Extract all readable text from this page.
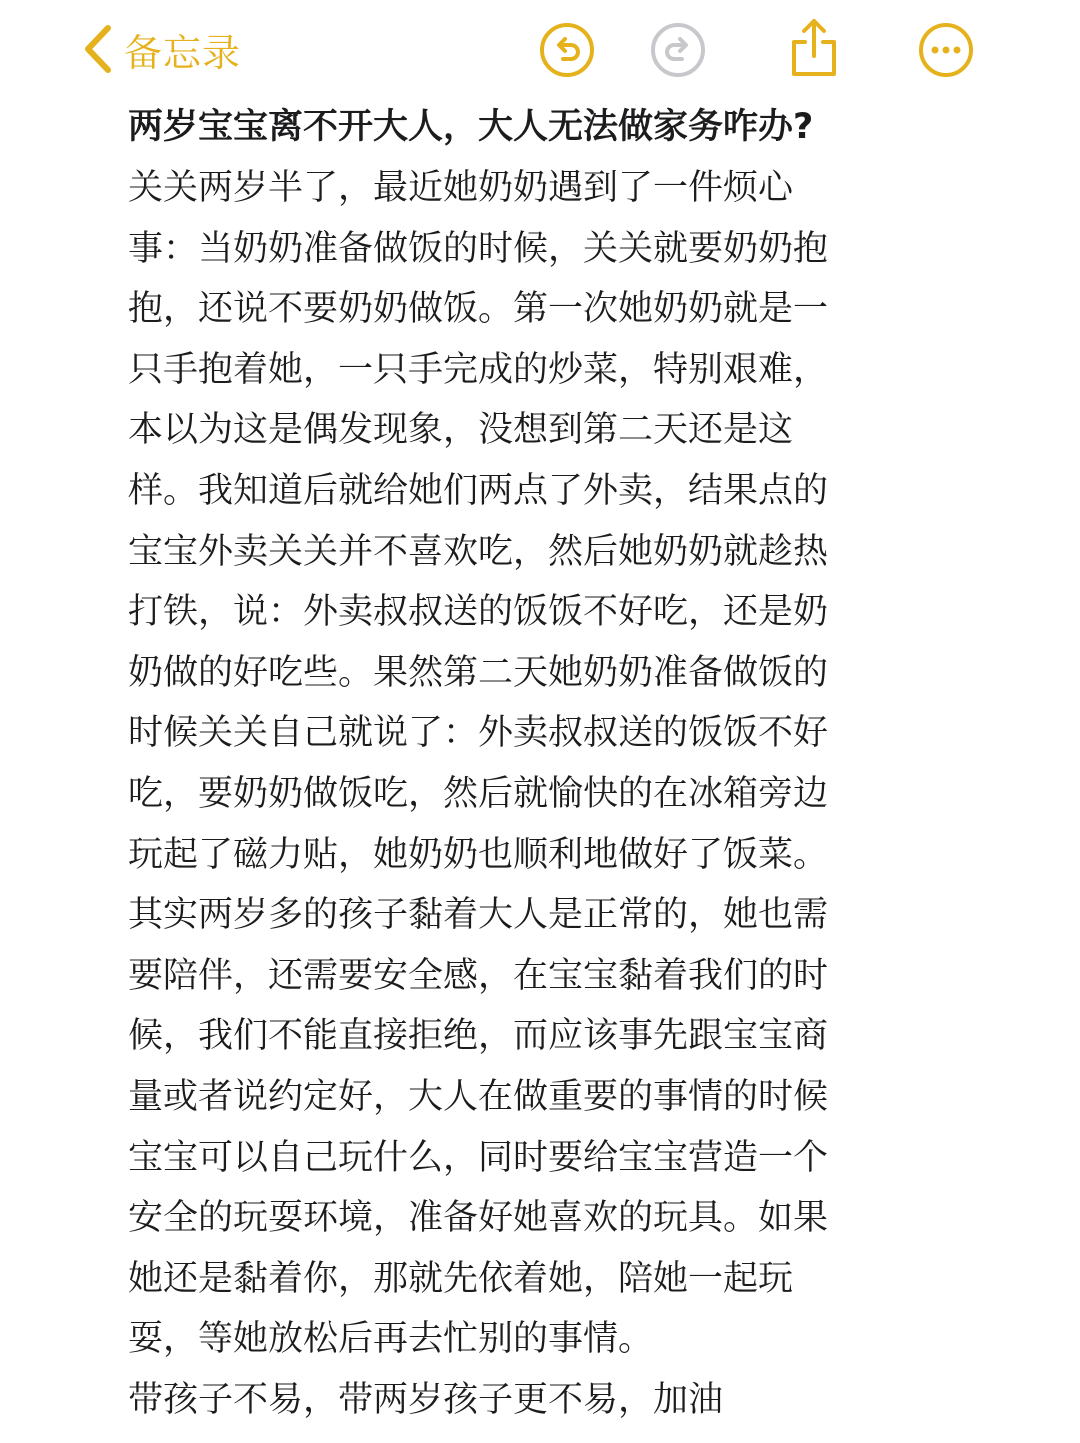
备忘录

两岁宝宝离不开大人，大人无法做家务咋办?

关关两岁半了，最近她奶奶遇到了一件烦心

事：当奶奶准备做饭的时候，关关就要奶奶抱

抱，还说不要奶奶做饭。第一次她奶奶就是一

只手抱着她，一只手完成的炒菜，特别艰难，

本以为这是偶发现象，没想到第二天还是这

样。我知道后就给她们两点了外卖，结果点的

宝宝外卖关关并不喜欢吃，然后她奶奶就趁热

打铁，说：外卖叔叔送的饭饭不好吃，还是奶

奶做的好吃些。果然第二天她奶奶准备做饭的

时候关关自己就说了：外卖叔叔送的饭饭不好

吃，要奶奶做饭吃，然后就愉快的在冰箱旁边

玩起了磁力贴，她奶奶也顺利地做好了饭菜。

其实两岁多的孩子黏着大人是正常的，她也需

要陪伴，还需要安全感，在宝宝黏着我们的时

候，我们不能直接拒绝，而应该事先跟宝宝商

量或者说约定好，大人在做重要的事情的时候

宝宝可以自己玩什么，同时要给宝宝营造一个

安全的玩耍环境，准备好她喜欢的玩具。如果

她还是黏着你，那就先依着她，陪她一起玩

耍，等她放松后再去忙别的事情。

带孩子不易，带两岁孩子更不易，加油
